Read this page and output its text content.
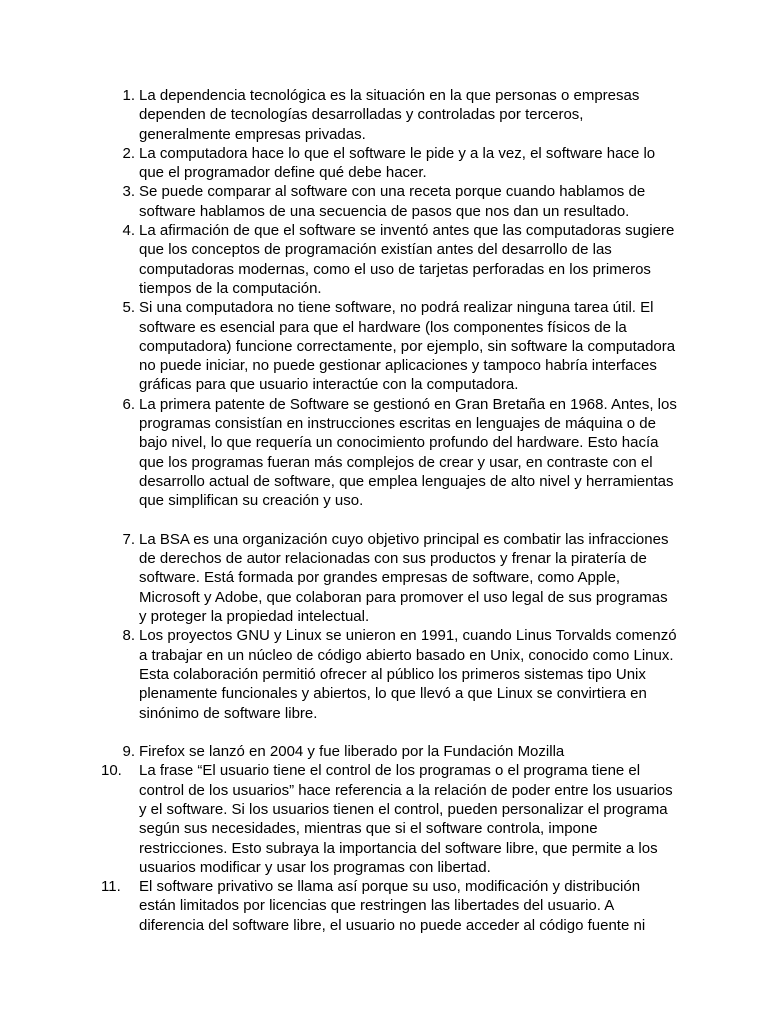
1. La dependencia tecnológica es la situación en la que personas o empresas dependen de tecnologías desarrolladas y controladas por terceros, generalmente empresas privadas.
2. La computadora hace lo que el software le pide y a la vez, el software hace lo que el programador define qué debe hacer.
3. Se puede comparar al software con una receta porque cuando hablamos de software hablamos de una secuencia de pasos que nos dan un resultado.
4. La afirmación de que el software se inventó antes que las computadoras sugiere que los conceptos de programación existían antes del desarrollo de las computadoras modernas, como el uso de tarjetas perforadas en los primeros tiempos de la computación.
5. Si una computadora no tiene software, no podrá realizar ninguna tarea útil. El software es esencial para que el hardware (los componentes físicos de la computadora) funcione correctamente, por ejemplo, sin software la computadora no puede iniciar, no puede gestionar aplicaciones y tampoco habría interfaces gráficas para que usuario interactúe con la computadora.
6. La primera patente de Software se gestionó en Gran Bretaña en 1968. Antes, los programas consistían en instrucciones escritas en lenguajes de máquina o de bajo nivel, lo que requería un conocimiento profundo del hardware. Esto hacía que los programas fueran más complejos de crear y usar, en contraste con el desarrollo actual de software, que emplea lenguajes de alto nivel y herramientas que simplifican su creación y uso.
7. La BSA es una organización cuyo objetivo principal es combatir las infracciones de derechos de autor relacionadas con sus productos y frenar la piratería de software. Está formada por grandes empresas de software, como Apple, Microsoft y Adobe, que colaboran para promover el uso legal de sus programas y proteger la propiedad intelectual.
8. Los proyectos GNU y Linux se unieron en 1991, cuando Linus Torvalds comenzó a trabajar en un núcleo de código abierto basado en Unix, conocido como Linux. Esta colaboración permitió ofrecer al público los primeros sistemas tipo Unix plenamente funcionales y abiertos, lo que llevó a que Linux se convirtiera en sinónimo de software libre.
9. Firefox se lanzó en 2004 y fue liberado por la Fundación Mozilla
10.	La frase “El usuario tiene el control de los programas o el programa tiene el control de los usuarios” hace referencia a la relación de poder entre los usuarios y el software. Si los usuarios tienen el control, pueden personalizar el programa según sus necesidades, mientras que si el software controla, impone restricciones. Esto subraya la importancia del software libre, que permite a los usuarios modificar y usar los programas con libertad.
11.	El software privativo se llama así porque su uso, modificación y distribución están limitados por licencias que restringen las libertades del usuario. A diferencia del software libre, el usuario no puede acceder al código fuente ni
